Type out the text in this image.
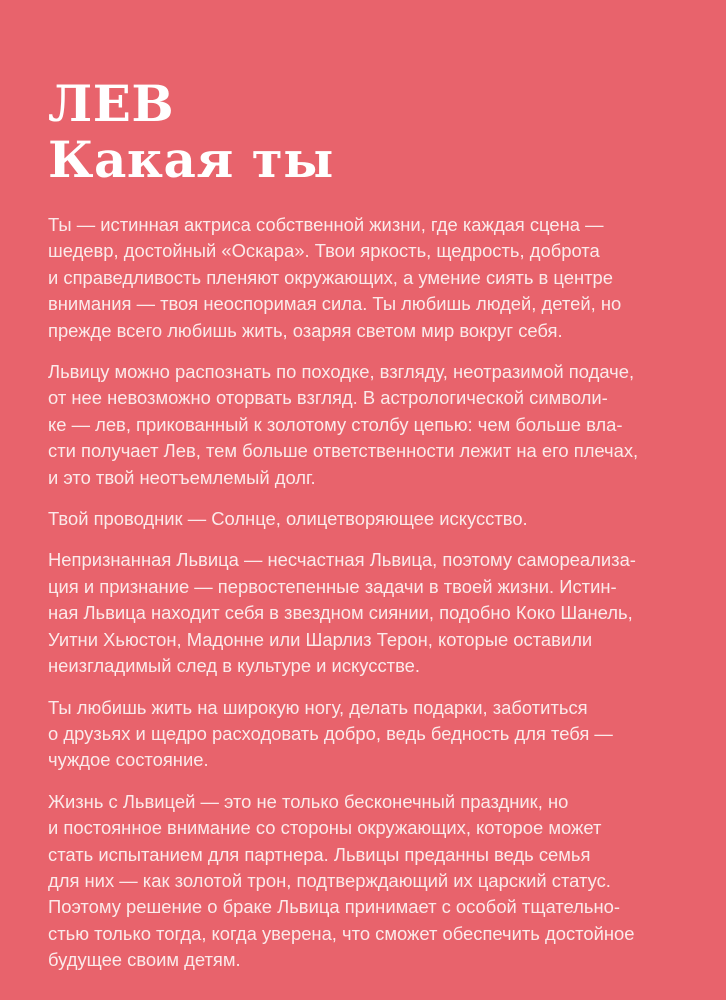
ЛЕВ
Какая ты

Ты — истинная актриса собственной жизни, где каждая сцена —
шедевр, достойный «Оскара». Твои яркость, щедрость, доброта
и справедливость пленяют окружающих, а умение сиять в центре
внимания — твоя неоспоримая сила. Ты любишь людей, детей, но
прежде всего любишь жить, озаряя светом мир вокруг себя.

Львицу можно распознать по походке, взгляду, неотразимой подаче,
от нее невозможно оторвать взгляд. В астрологической символи-
ке — лев, прикованный к золотому столбу цепью: чем больше вла-
сти получает Лев, тем больше ответственности лежит на его плечах,
и это твой неотъемлемый долг.

Твой проводник — Солнце, олицетворяющее искусство.

Непризнанная Львица — несчастная Львица, поэтому самореализа-
ция и признание — первостепенные задачи в твоей жизни. Истин-
ная Львица находит себя в звездном сиянии, подобно Коко Шанель,
Уитни Хьюстон, Мадонне или Шарлиз Терон, которые оставили
неизгладимый след в культуре и искусстве.

Ты любишь жить на широкую ногу, делать подарки, заботиться
о друзьях и щедро расходовать добро, ведь бедность для тебя —
чуждое состояние.

Жизнь с Львицей — это не только бесконечный праздник, но
и постоянное внимание со стороны окружающих, которое может
стать испытанием для партнера. Львицы преданны ведь семья
для них — как золотой трон, подтверждающий их царский статус.
Поэтому решение о браке Львица принимает с особой тщательно-
стью только тогда, когда уверена, что сможет обеспечить достойное
будущее своим детям.
